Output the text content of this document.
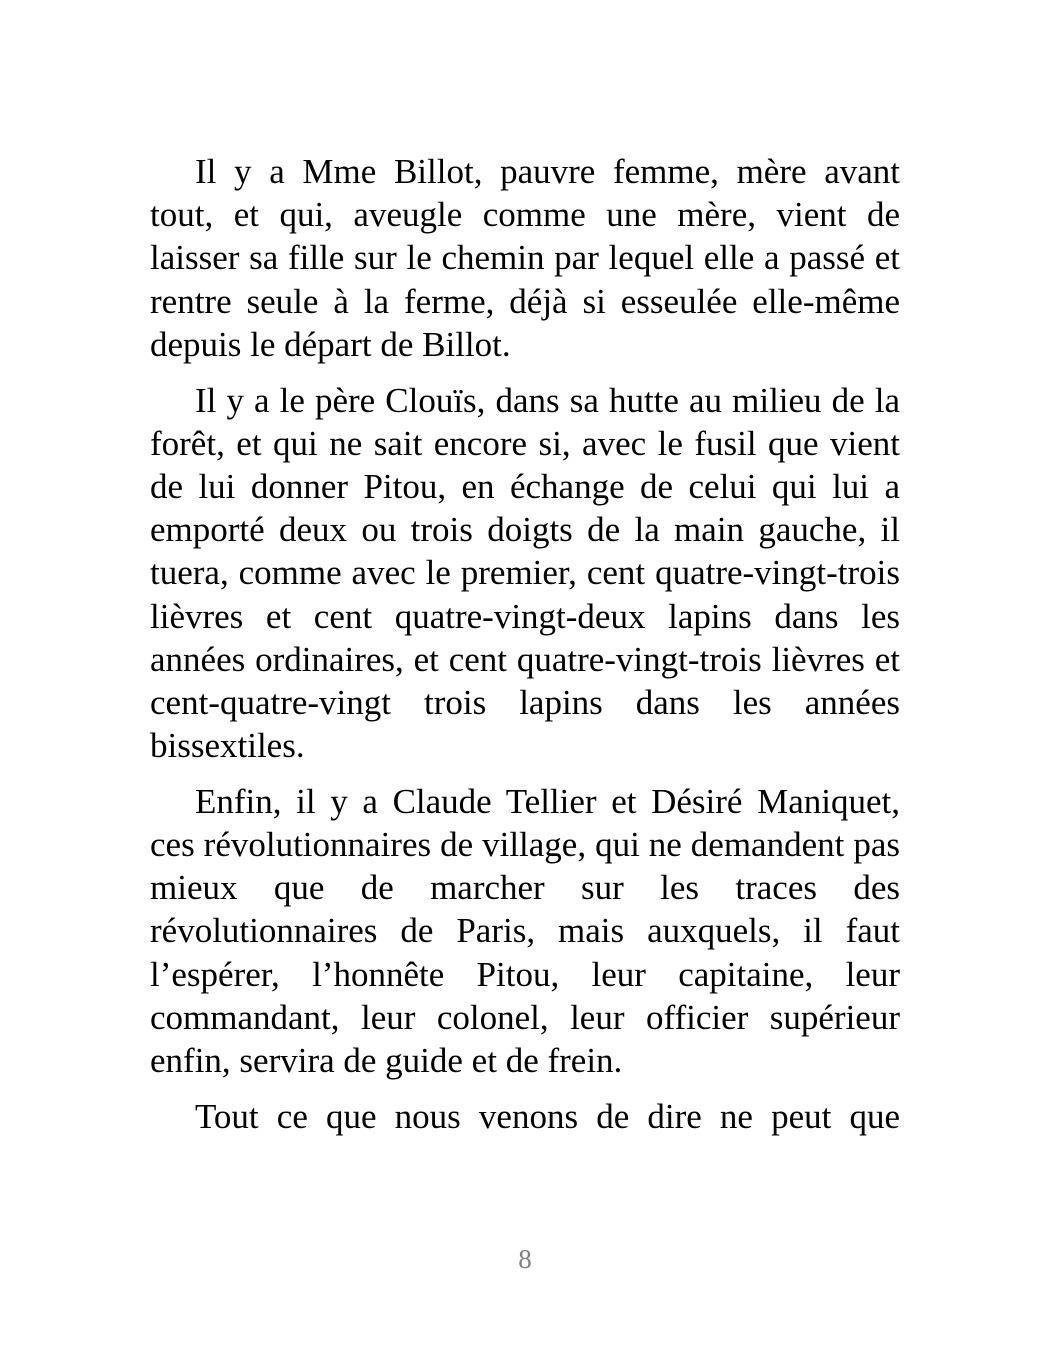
Il y a Mme Billot, pauvre femme, mère avant tout, et qui, aveugle comme une mère, vient de laisser sa fille sur le chemin par lequel elle a passé et rentre seule à la ferme, déjà si esseulée elle-même depuis le départ de Billot.

Il y a le père Clouïs, dans sa hutte au milieu de la forêt, et qui ne sait encore si, avec le fusil que vient de lui donner Pitou, en échange de celui qui lui a emporté deux ou trois doigts de la main gauche, il tuera, comme avec le premier, cent quatre-vingt-trois lièvres et cent quatre-vingt-deux lapins dans les années ordinaires, et cent quatre-vingt-trois lièvres et cent-quatre-vingt trois lapins dans les années bissextiles.

Enfin, il y a Claude Tellier et Désiré Maniquet, ces révolutionnaires de village, qui ne demandent pas mieux que de marcher sur les traces des révolutionnaires de Paris, mais auxquels, il faut l’espérer, l’honnête Pitou, leur capitaine, leur commandant, leur colonel, leur officier supérieur enfin, servira de guide et de frein.

Tout ce que nous venons de dire ne peut que

8
